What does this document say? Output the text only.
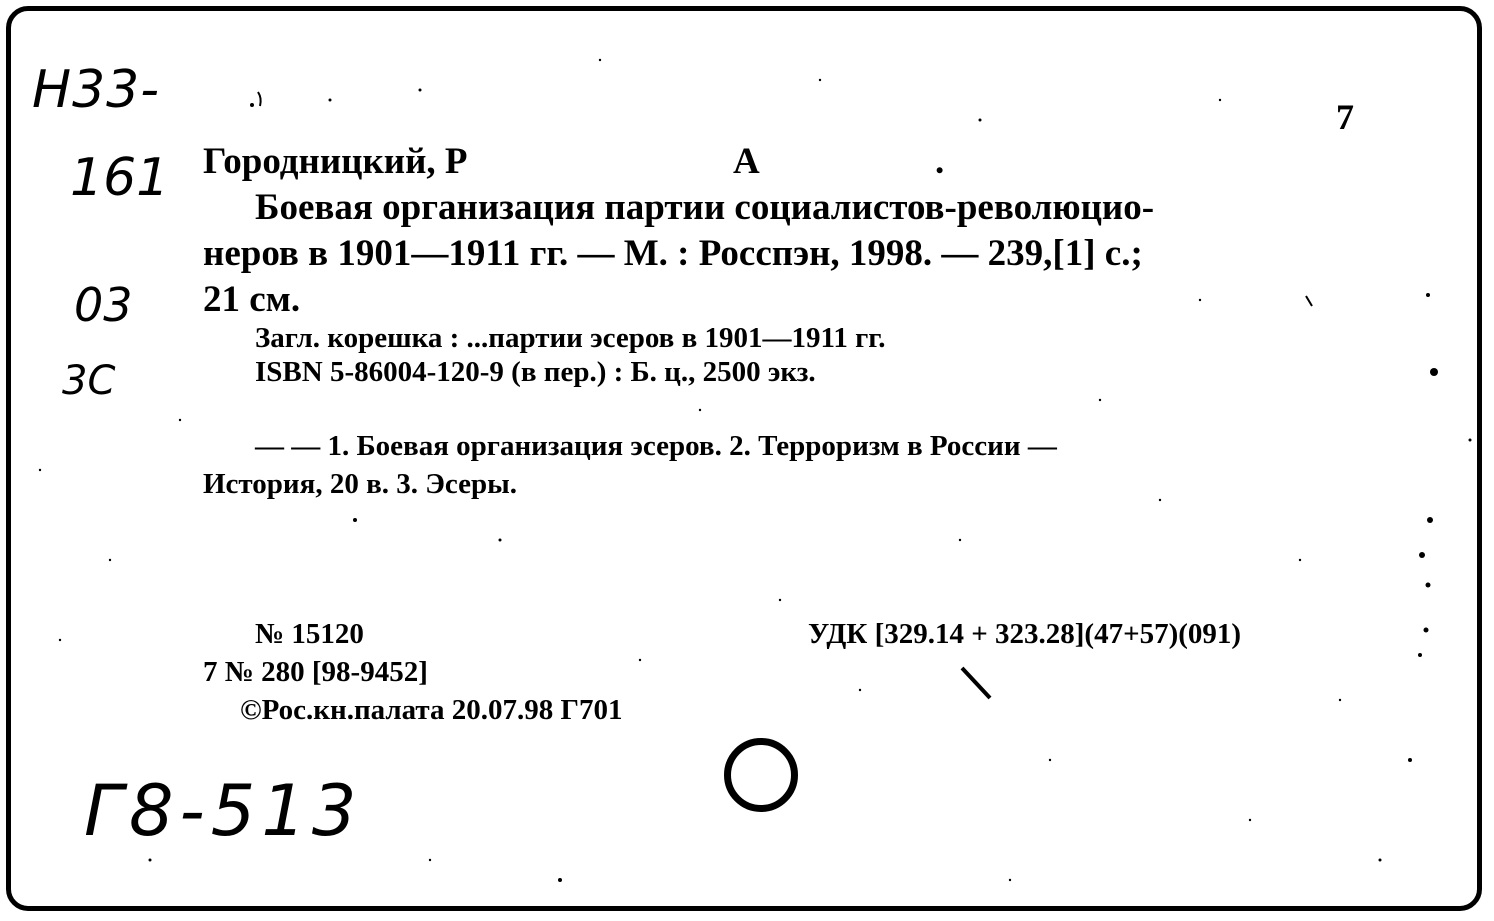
Н33-
161
03
3С
Г8-513
7
Городницкий, Р	А	.
Боевая организация партии социалистов-революцио-
неров в 1901—1911 гг. — М. : Росспэн, 1998. — 239,[1] с.;
21 см.
Загл. корешка : ...партии эсеров в 1901—1911 гг.
ISBN 5-86004-120-9 (в пер.) : Б. ц., 2500 экз.
— — 1. Боевая организация эсеров. 2. Терроризм в России —
История, 20 в. 3. Эсеры.
№ 15120	УДК [329.14 + 323.28](47+57)(091)
7 № 280 [98-9452]
©Рос.кн.палата 20.07.98 Г701
